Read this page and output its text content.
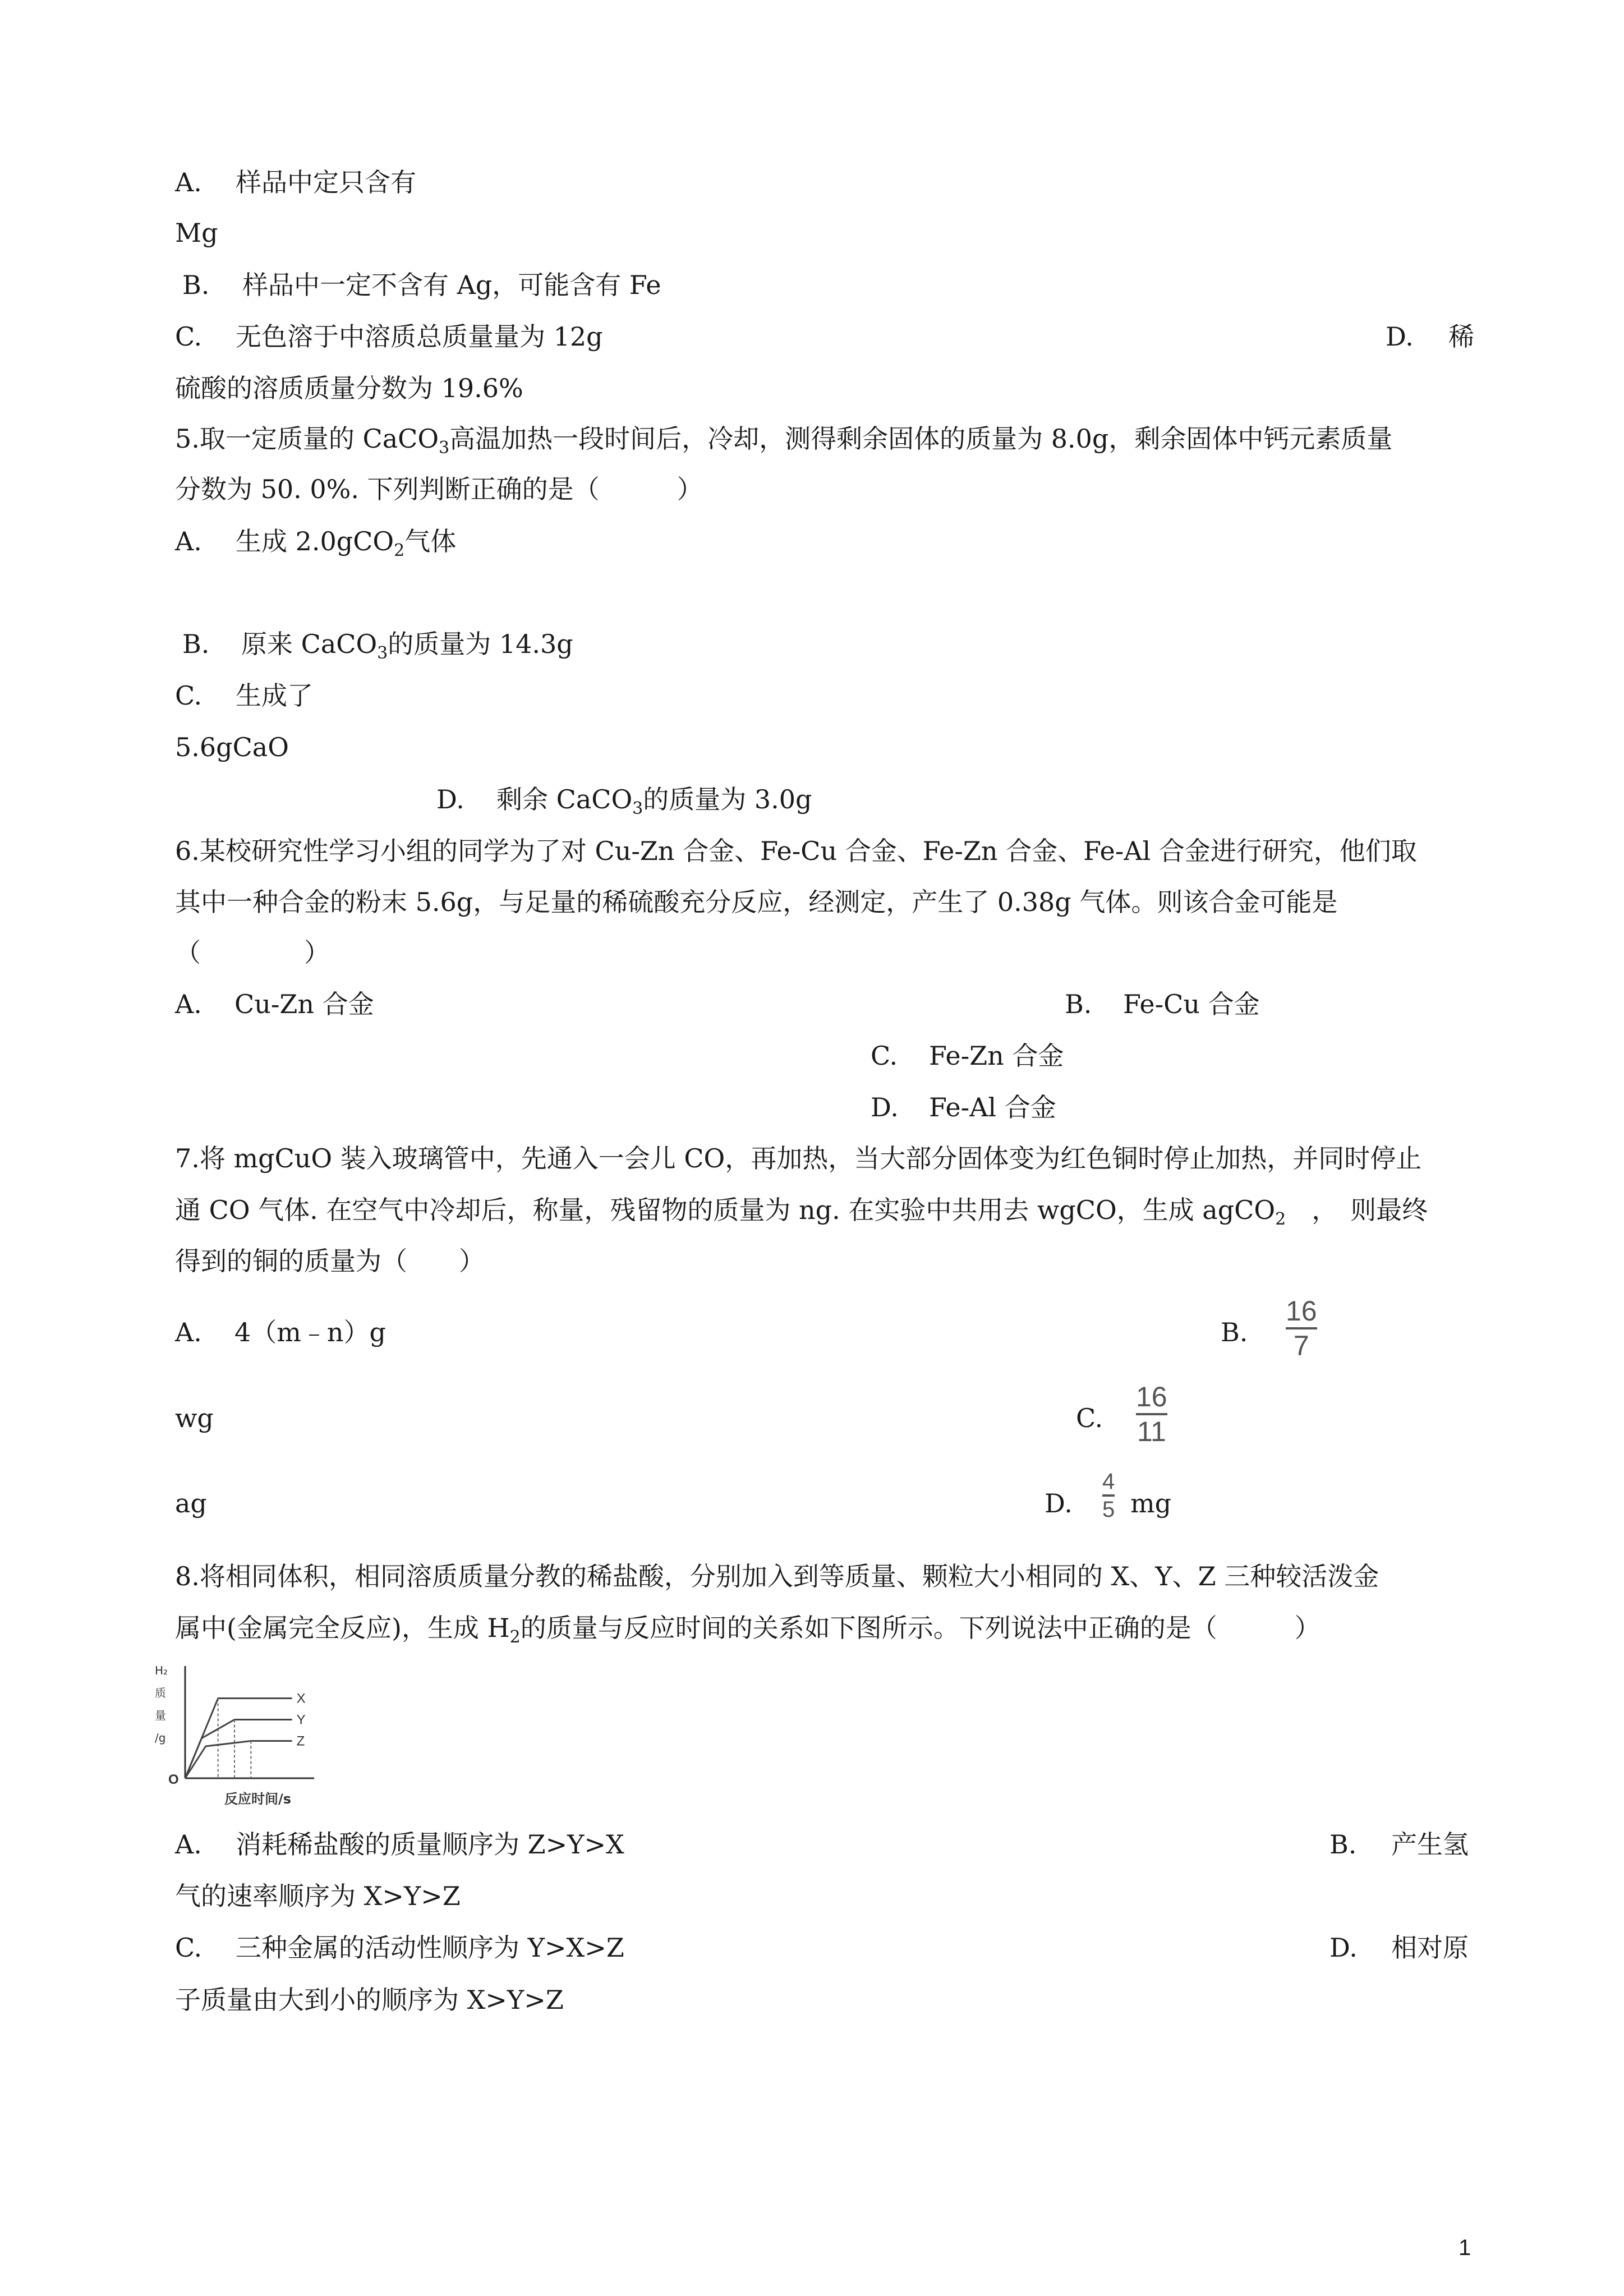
A. 样品中定只含有
Mg
B. 样品中一定不含有 Ag，可能含有 Fe
C. 无色溶于中溶质总质量量为 12g	D. 稀
硫酸的溶质质量分数为 19.6%
5.取一定质量的 CaCO$_3$高温加热一段时间后，冷却，测得剩余固体的质量为 8.0g，剩余固体中钙元素质量
分数为 50. 0%. 下列判断正确的是（　　　）
A. 生成 2.0gCO$_2$气体
B. 原来 CaCO$_3$的质量为 14.3g
C. 生成了
5.6gCaO
D. 剩余 CaCO$_3$的质量为 3.0g
6.某校研究性学习小组的同学为了对 Cu-Zn 合金、Fe-Cu 合金、Fe-Zn 合金、Fe-Al 合金进行研究，他们取
其中一种合金的粉末 5.6g，与足量的稀硫酸充分反应，经测定，产生了 0.38g 气体。则该合金可能是
（　　　　）
A. Cu-Zn 合金	B. Fe-Cu 合金
C. Fe-Zn 合金
D. Fe-Al 合金
7.将 mgCuO 装入玻璃管中，先通入一会儿 CO，再加热，当大部分固体变为红色铜时停止加热，并同时停止
通 CO 气体. 在空气中冷却后，称量，残留物的质量为 ng. 在实验中共用去 wgCO，生成 agCO$_2$　，　则最终
得到的铜的质量为（　　）
A. 4（m﹣n）g	B.
16
7
wg	C.
16
11
ag	D.
4
5 mg
8.将相同体积，相同溶质质量分教的稀盐酸，分别加入到等质量、颗粒大小相同的 X、Y、Z 三种较活泼金
属中(金属完全反应)，生成 $H_2$的质量与反应时间的关系如下图所示。下列说法中正确的是（　　　）
X
Y
Z
O
H₂ 质量/g
反应时间/s
A. 消耗稀盐酸的质量顺序为 Z>Y>X	B. 产生氢
气的速率顺序为 X>Y>Z
C. 三种金属的活动性顺序为 Y>X>Z	D. 相对原
子质量由大到小的顺序为 X>Y>Z
1
